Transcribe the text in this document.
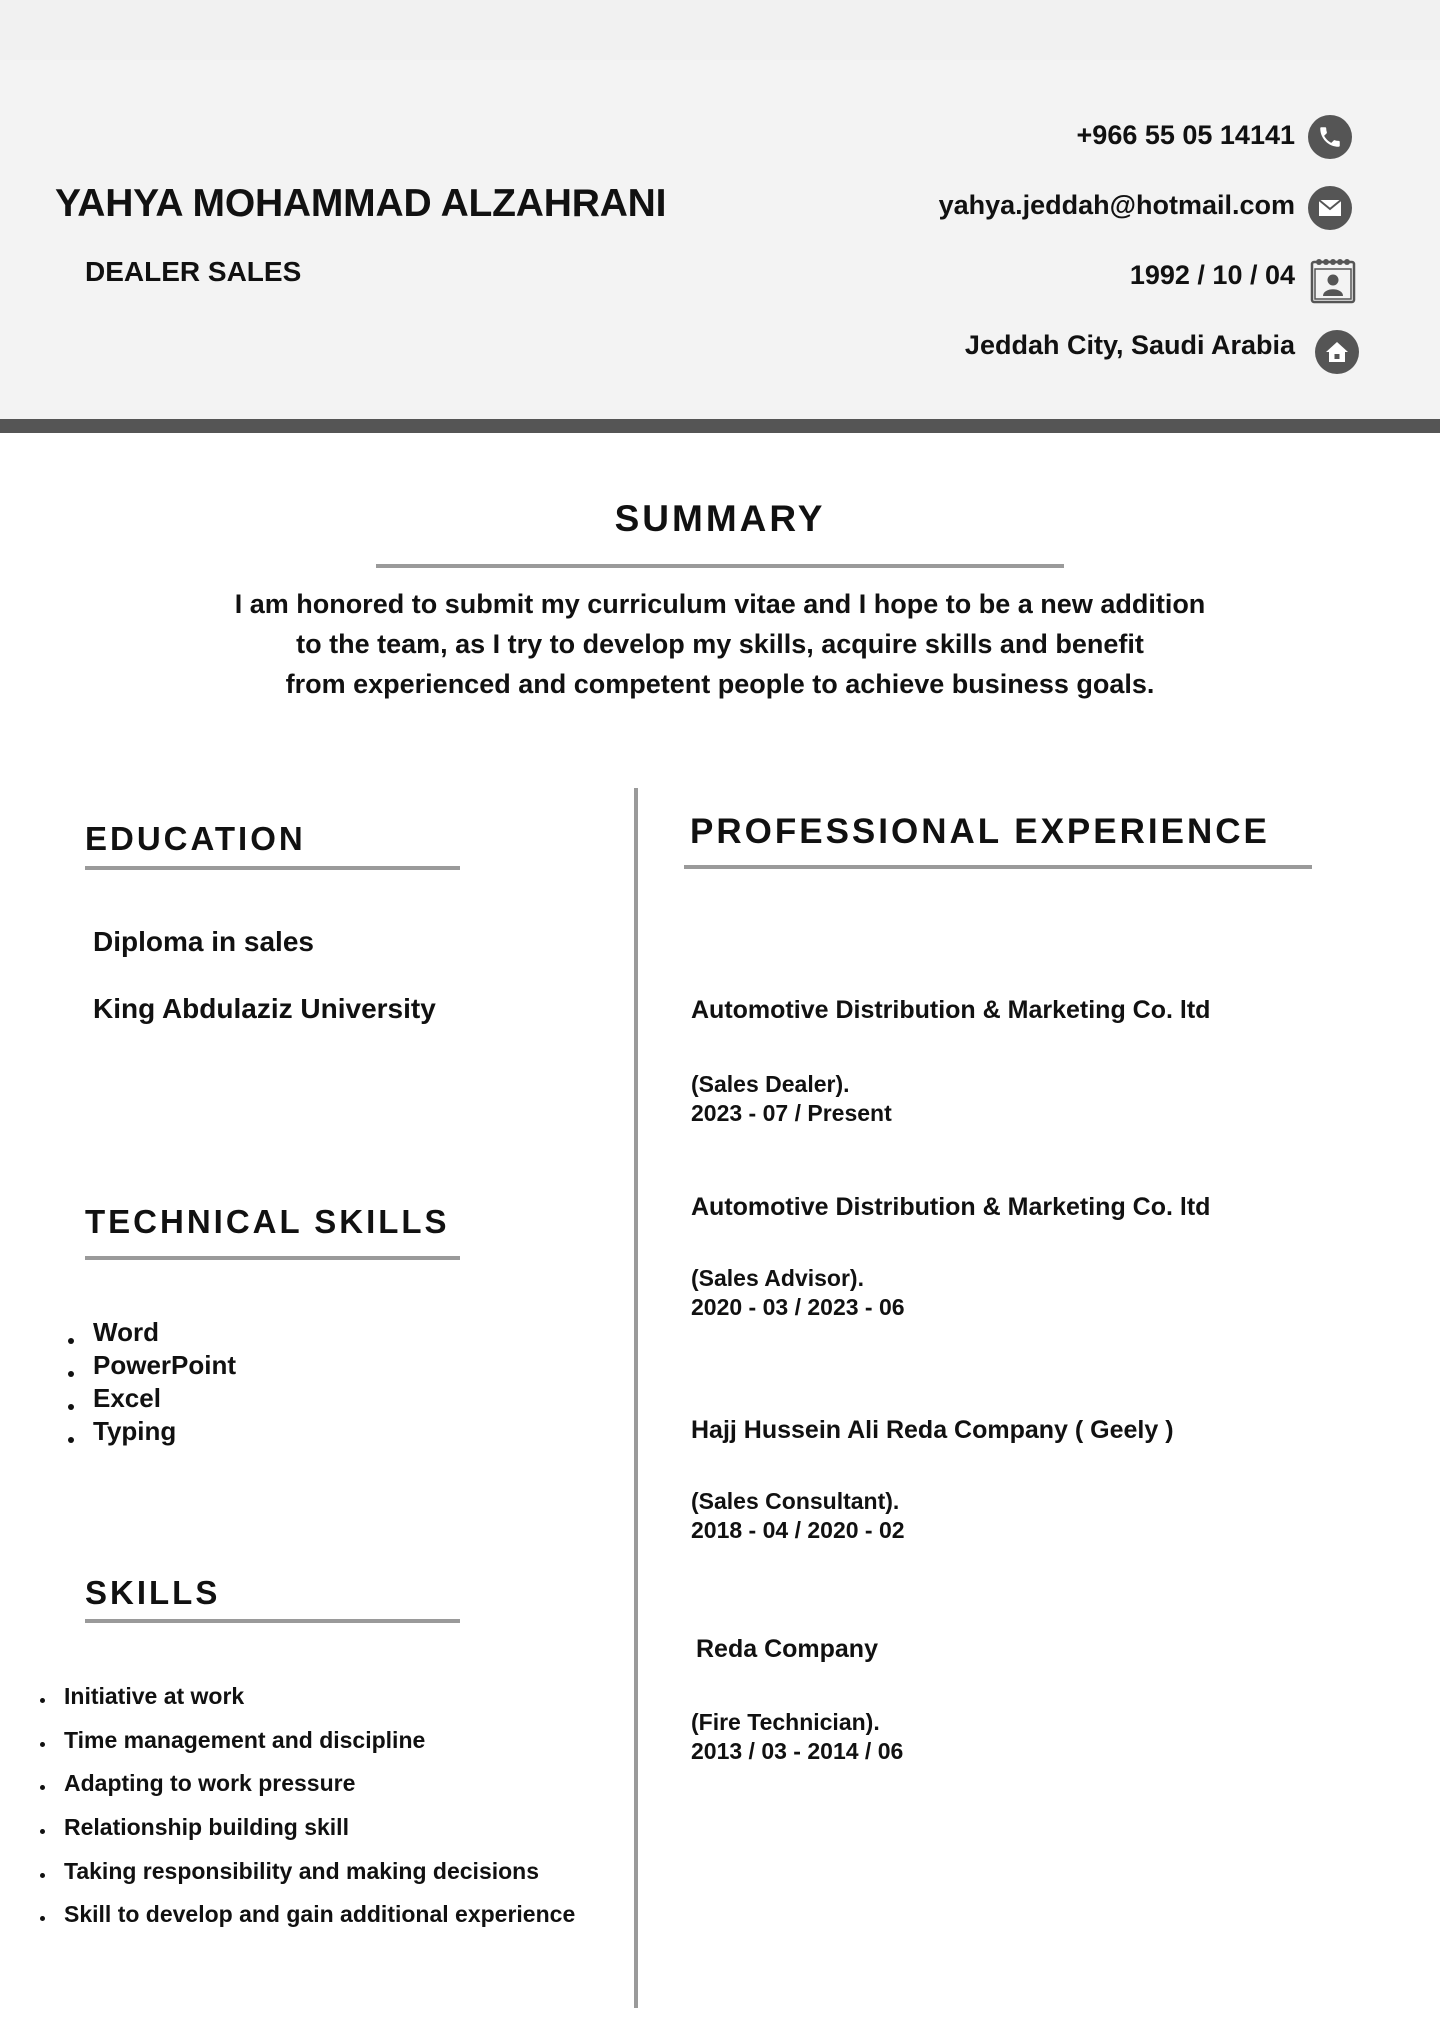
YAHYA MOHAMMAD ALZAHRANI
DEALER SALES
+966 55 05 14141
yahya.jeddah@hotmail.com
1992 / 10 / 04
Jeddah City, Saudi Arabia
SUMMARY
I am honored to submit my curriculum vitae and I hope to be a new addition
to the team, as I try to develop my skills, acquire skills and benefit
from experienced and competent people to achieve business goals.
EDUCATION
Diploma in sales
King Abdulaziz University
TECHNICAL SKILLS
Word
PowerPoint
Excel
Typing
SKILLS
Initiative at work
Time management and discipline
Adapting to work pressure
Relationship building skill
Taking responsibility and making decisions
Skill to develop and gain additional experience
PROFESSIONAL EXPERIENCE
Automotive Distribution & Marketing Co. ltd
(Sales Dealer).
2023 - 07 / Present
Automotive Distribution & Marketing Co. ltd
(Sales Advisor).
2020 - 03 / 2023 - 06
Hajj Hussein Ali Reda Company ( Geely )
(Sales Consultant).
2018 - 04 / 2020 - 02
Reda Company
(Fire Technician).
2013 / 03 - 2014 / 06
